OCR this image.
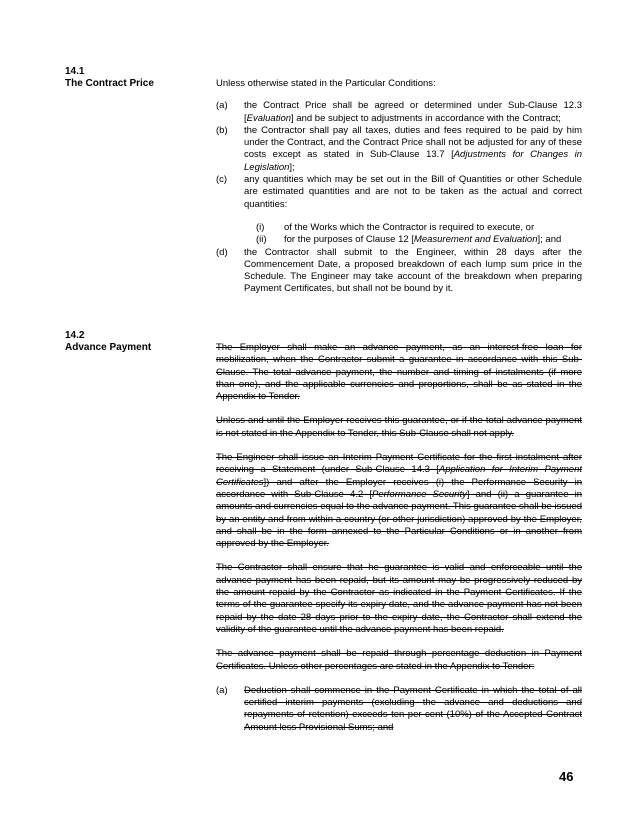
14.1
The Contract Price	Unless otherwise stated in the Particular Conditions:

(a)	the Contract Price shall be agreed or determined under Sub-Clause 12.3 [Evaluation] and be subject to adjustments in accordance with the Contract;
(b)	the Contractor shall pay all taxes, duties and fees required to be paid by him under the Contract, and the Contract Price shall not be adjusted for any of these costs except as stated in Sub-Clause 13.7 [Adjustments for Changes in Legislation];
(c)	any quantities which may be set out in the Bill of Quantities or other Schedule are estimated quantities and are not to be taken as the actual and correct quantities:
(i)	of the Works which the Contractor is required to execute, or
(ii)	for the purposes of Clause 12 [Measurement and Evaluation]; and
(d)	the Contractor shall submit to the Engineer, within 28 days after the Commencement Date, a proposed breakdown of each lump sum price in the Schedule. The Engineer may take account of the breakdown when preparing Payment Certificates, but shall not be bound by it.
14.2
Advance Payment	The Employer shall make an advance payment, as an interest-free loan for mobilization, when the Contractor submit a guarantee in accordance with this Sub-Clause. The total advance payment, the number and timing of instalments (if more than one), and the applicable currencies and proportions, shall be as stated in the Appendix to Tender.

Unless and until the Employer receives this guarantee, or if the total advance payment is not stated in the Appendix to Tender, this Sub-Clause shall not apply.

The Engineer shall issue an Interim Payment Certificate for the first instalment after receiving a Statement (under Sub-Clause 14.3 [Application for Interim Payment Certificates]) and after the Employer receives (i) the Performance Security in accordance with Sub-Clause 4.2 [Performance Security] and (ii) a guarantee in amounts and currencies equal to the advance payment. This guarantee shall be issued by an entity and from within a country (or other jurisdiction) approved by the Employer, and shall be in the form annexed to the Particular Conditions or in another from approved by the Employer.

The Contractor shall ensure that he guarantee is valid and enforceable until the advance payment has been repaid, but its amount may be progressively reduced by the amount repaid by the Contractor as indicated in the Payment Certificates. If the terms of the guarantee specify its expiry date, and the advance payment has not been repaid by the date 28 days prior to the expiry date, the Contractor shall extend the validity of the guarantee until the advance payment has been repaid.

The advance payment shall be repaid through percentage deduction in Payment Certificates. Unless other percentages are stated in the Appendix to Tender:

(a)	Deduction shall commence in the Payment Certificate in which the total of all certified interim payments (excluding the advance and deductions and repayments of retention) exceeds ten per cent (10%) of the Accepted Contract Amount less Provisional Sums; and
46
